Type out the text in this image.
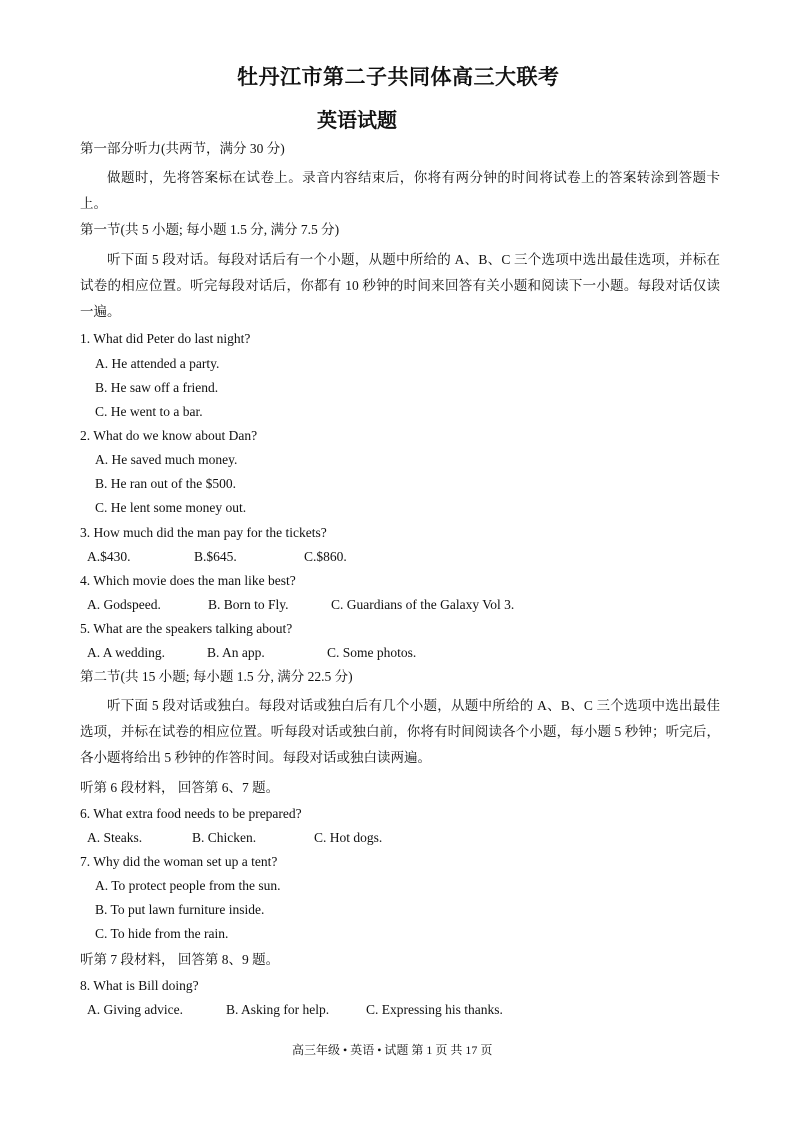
牡丹江市第二子共同体高三大联考
英语试题
第一部分听力(共两节，满分 30 分)
做题时，先将答案标在试卷上。录音内容结束后，你将有两分钟的时间将试卷上的答案转涂到答题卡上。
第一节(共 5 小题; 每小题 1.5 分, 满分 7.5 分)
听下面 5 段对话。每段对话后有一个小题，从题中所给的 A、B、C 三个选项中选出最佳选项，并标在试卷的相应位置。听完每段对话后，你都有 10 秒钟的时间来回答有关小题和阅读下一小题。每段对话仅读一遍。
1. What did Peter do last night?
A. He attended a party.
B. He saw off a friend.
C. He went to a bar.
2. What do we know about Dan?
A. He saved much money.
B. He ran out of the $500.
C. He lent some money out.
3. How much did the man pay for the tickets?
A.$430.	B.$645.	C.$860.
4. Which movie does the man like best?
A. Godspeed.	B. Born to Fly.	C. Guardians of the Galaxy Vol 3.
5. What are the speakers talking about?
A. A wedding.	B. An app.	C. Some photos.
第二节(共 15 小题; 每小题 1.5 分, 满分 22.5 分)
听下面 5 段对话或独白。每段对话或独白后有几个小题，从题中所给的 A、B、C 三个选项中选出最佳选项，并标在试卷的相应位置。听每段对话或独白前，你将有时间阅读各个小题，每小题 5 秒钟；听完后，各小题将给出 5 秒钟的作答时间。每段对话或独白读两遍。
听第 6 段材料， 回答第 6、7 题。
6. What extra food needs to be prepared?
A. Steaks.	B. Chicken.	C. Hot dogs.
7. Why did the woman set up a tent?
A. To protect people from the sun.
B. To put lawn furniture inside.
C. To hide from the rain.
听第 7 段材料， 回答第 8、9 题。
8. What is Bill doing?
A. Giving advice.	B. Asking for help.	C. Expressing his thanks.
高三年级 • 英语 • 试题 第 1 页 共 17 页
